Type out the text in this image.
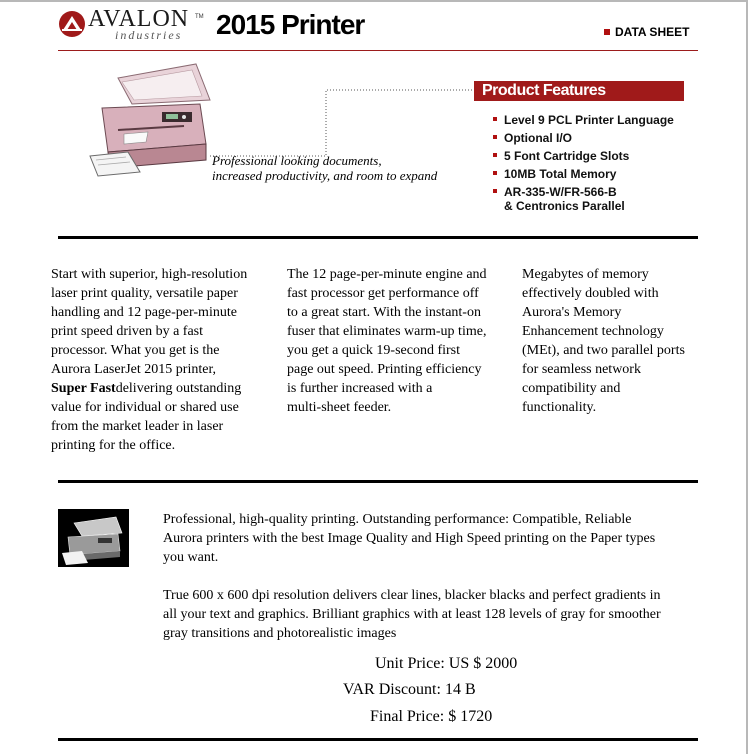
AVALON TM
industries 2015 Printer	DATA SHEET
Professional looking documents,
increased productivity, and room to expand
Product Features
Level 9 PCL Printer Language
Optional I/O
5 Font Cartridge Slots
10MB Total Memory
AR-335-W/FR-566-B
& Centronics Parallel
Start with superior, high-resolution
laser print quality, versatile paper
handling and 12 page-per-minute
print speed driven by a fast
processor. What you get is the
Aurora LaserJet 2015 printer,
Super Fastdelivering outstanding
value for individual or shared use
from the market leader in laser
printing for the office.
The 12 page-per-minute engine and
fast processor get performance off
to a great start. With the instant-on
fuser that eliminates warm-up time,
you get a quick 19-second first
page out speed. Printing efficiency
is further increased with a
multi-sheet feeder.
Megabytes of memory
effectively doubled with
Aurora's Memory
Enhancement technology
(MEt), and two parallel ports
for seamless network
compatibility and
functionality.
Professional, high-quality printing. Outstanding performance: Compatible, Reliable
Aurora printers with the best Image Quality and High Speed printing on the Paper types
you want.
True 600 x 600 dpi resolution delivers clear lines, blacker blacks and perfect gradients in
all your text and graphics. Brilliant graphics with at least 128 levels of gray for smoother
gray transitions and photorealistic images
Unit Price: US $ 2000
VAR Discount: 14 B
Final Price: $ 1720
